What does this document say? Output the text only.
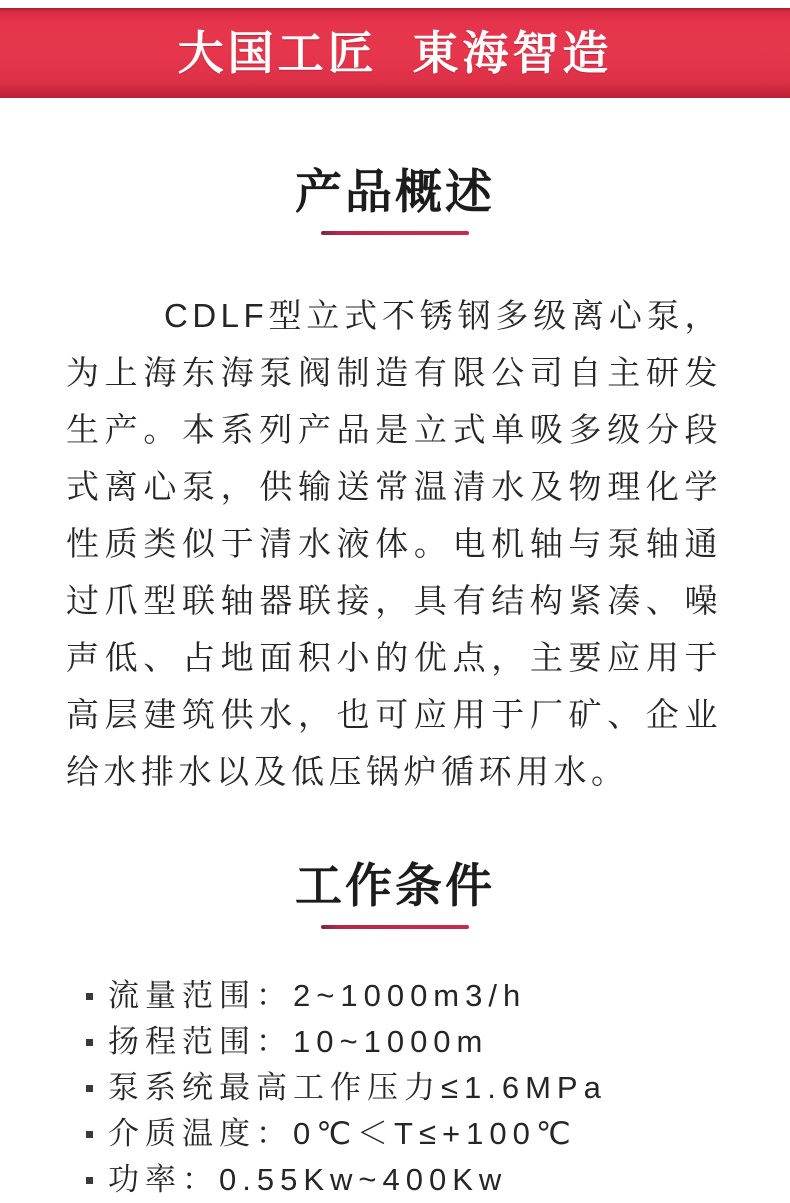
大国工匠 東海智造
产品概述

CDLF型立式不锈钢多级离心泵，为上海东海泵阀制造有限公司自主研发生产。本系列产品是立式单吸多级分段式离心泵，供输送常温清水及物理化学性质类似于清水液体。电机轴与泵轴通过爪型联轴器联接，具有结构紧凑、噪声低、占地面积小的优点，主要应用于高层建筑供水，也可应用于厂矿、企业给水排水以及低压锅炉循环用水。

工作条件
流量范围：2~1000m3/h
扬程范围：10~1000m
泵系统最高工作压力≤1.6MPa
介质温度：0℃＜T≤+100℃
功率：0.55Kw~400Kw
